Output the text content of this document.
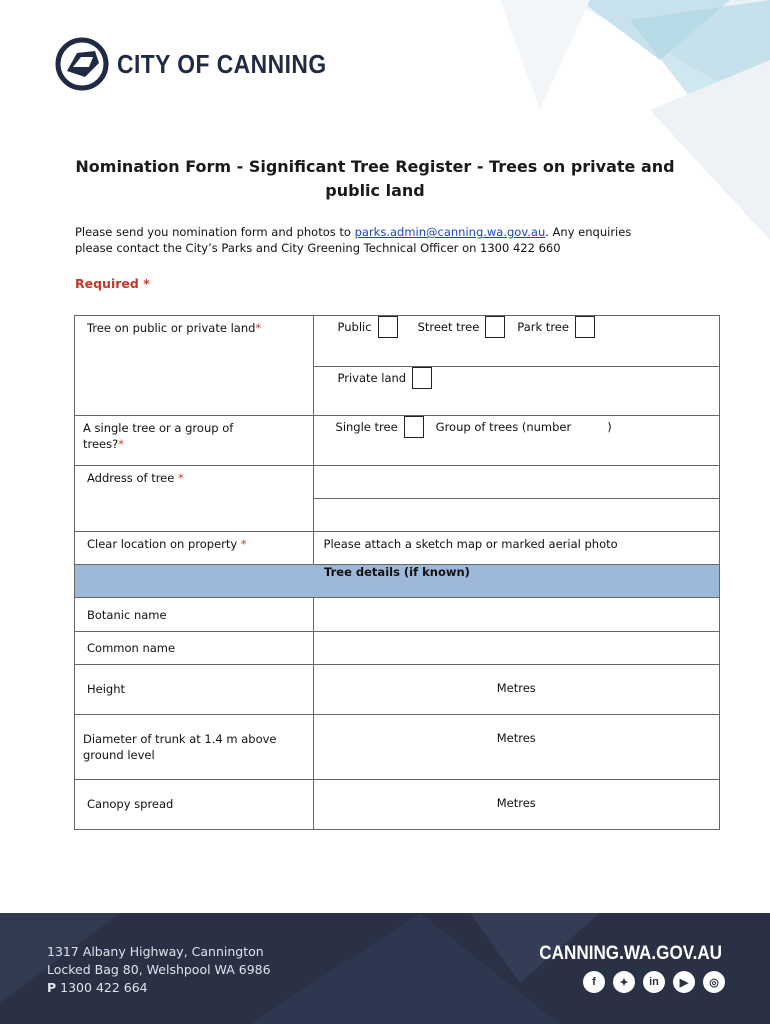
CITY OF CANNING
Nomination Form - Significant Tree Register - Trees on private and
public land
Please send you nomination form and photos to parks.admin@canning.wa.gov.au. Any enquiries
please contact the City’s Parks and City Greening Technical Officer on 1300 422 660
Required *
Tree on public or private land*	Public Street tree Park tree

	Private land

A single tree or a group of
trees?*	Single tree Group of trees (number )

Address of tree *	

Clear location on property *	Please attach a sketch map or marked aerial photo

Tree details (if known)	

Botanic name	

Common name	

Height	Metres

Diameter of trunk at 1.4 m above
ground level	Metres

Canopy spread	Metres
1317 Albany Highway, Cannington
Locked Bag 80, Welshpool WA 6986
P 1300 422 664
CANNING.WA.GOV.AU
f	✦	in	▶	◎
